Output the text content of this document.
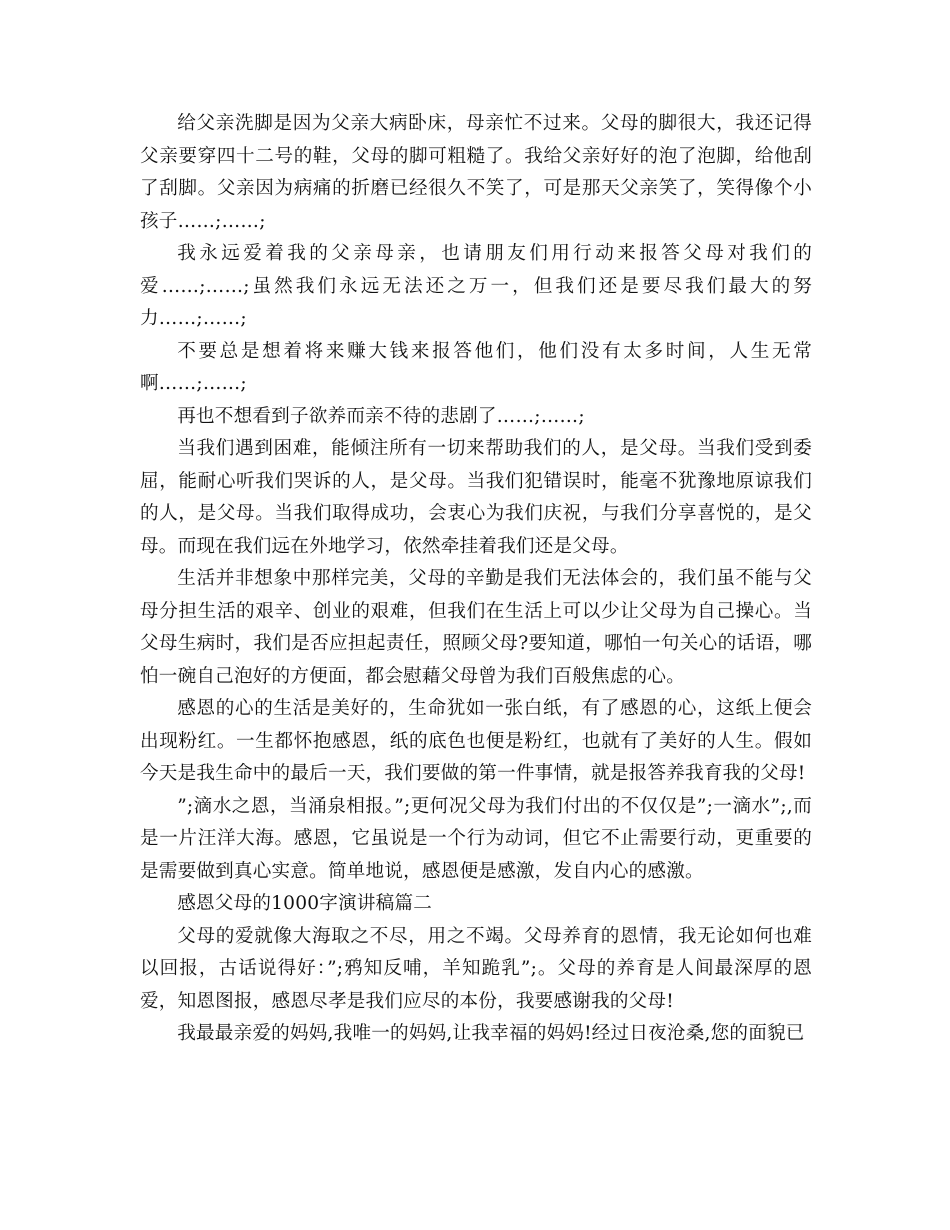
给父亲洗脚是因为父亲大病卧床，母亲忙不过来。父母的脚很大，我还记得父亲要穿四十二号的鞋，父母的脚可粗糙了。我给父亲好好的泡了泡脚，给他刮了刮脚。父亲因为病痛的折磨已经很久不笑了，可是那天父亲笑了，笑得像个小孩子……;……;

我永远爱着我的父亲母亲，也请朋友们用行动来报答父母对我们的爱……;……;虽然我们永远无法还之万一，但我们还是要尽我们最大的努力……;……;

不要总是想着将来赚大钱来报答他们，他们没有太多时间，人生无常啊……;……;

再也不想看到子欲养而亲不待的悲剧了……;……;

当我们遇到困难，能倾注所有一切来帮助我们的人，是父母。当我们受到委屈，能耐心听我们哭诉的人，是父母。当我们犯错误时，能毫不犹豫地原谅我们的人，是父母。当我们取得成功，会衷心为我们庆祝，与我们分享喜悦的，是父母。而现在我们远在外地学习，依然牵挂着我们还是父母。

生活并非想象中那样完美，父母的辛勤是我们无法体会的，我们虽不能与父母分担生活的艰辛、创业的艰难，但我们在生活上可以少让父母为自己操心。当父母生病时，我们是否应担起责任，照顾父母?要知道，哪怕一句关心的话语，哪怕一碗自己泡好的方便面，都会慰藉父母曾为我们百般焦虑的心。

感恩的心的生活是美好的，生命犹如一张白纸，有了感恩的心，这纸上便会出现粉红。一生都怀抱感恩，纸的底色也便是粉红，也就有了美好的人生。假如今天是我生命中的最后一天，我们要做的第一件事情，就是报答养我育我的父母!

”;滴水之恩，当涌泉相报。”;更何况父母为我们付出的不仅仅是”;一滴水”;,而是一片汪洋大海。感恩，它虽说是一个行为动词，但它不止需要行动，更重要的是需要做到真心实意。简单地说，感恩便是感激，发自内心的感激。

感恩父母的1000字演讲稿篇二

父母的爱就像大海取之不尽，用之不竭。父母养育的恩情，我无论如何也难以回报，古话说得好：”;鸦知反哺，羊知跪乳”;。父母的养育是人间最深厚的恩爱，知恩图报，感恩尽孝是我们应尽的本份，我要感谢我的父母!

我最最亲爱的妈妈,我唯一的妈妈,让我幸福的妈妈!经过日夜沧桑,您的面貌已
